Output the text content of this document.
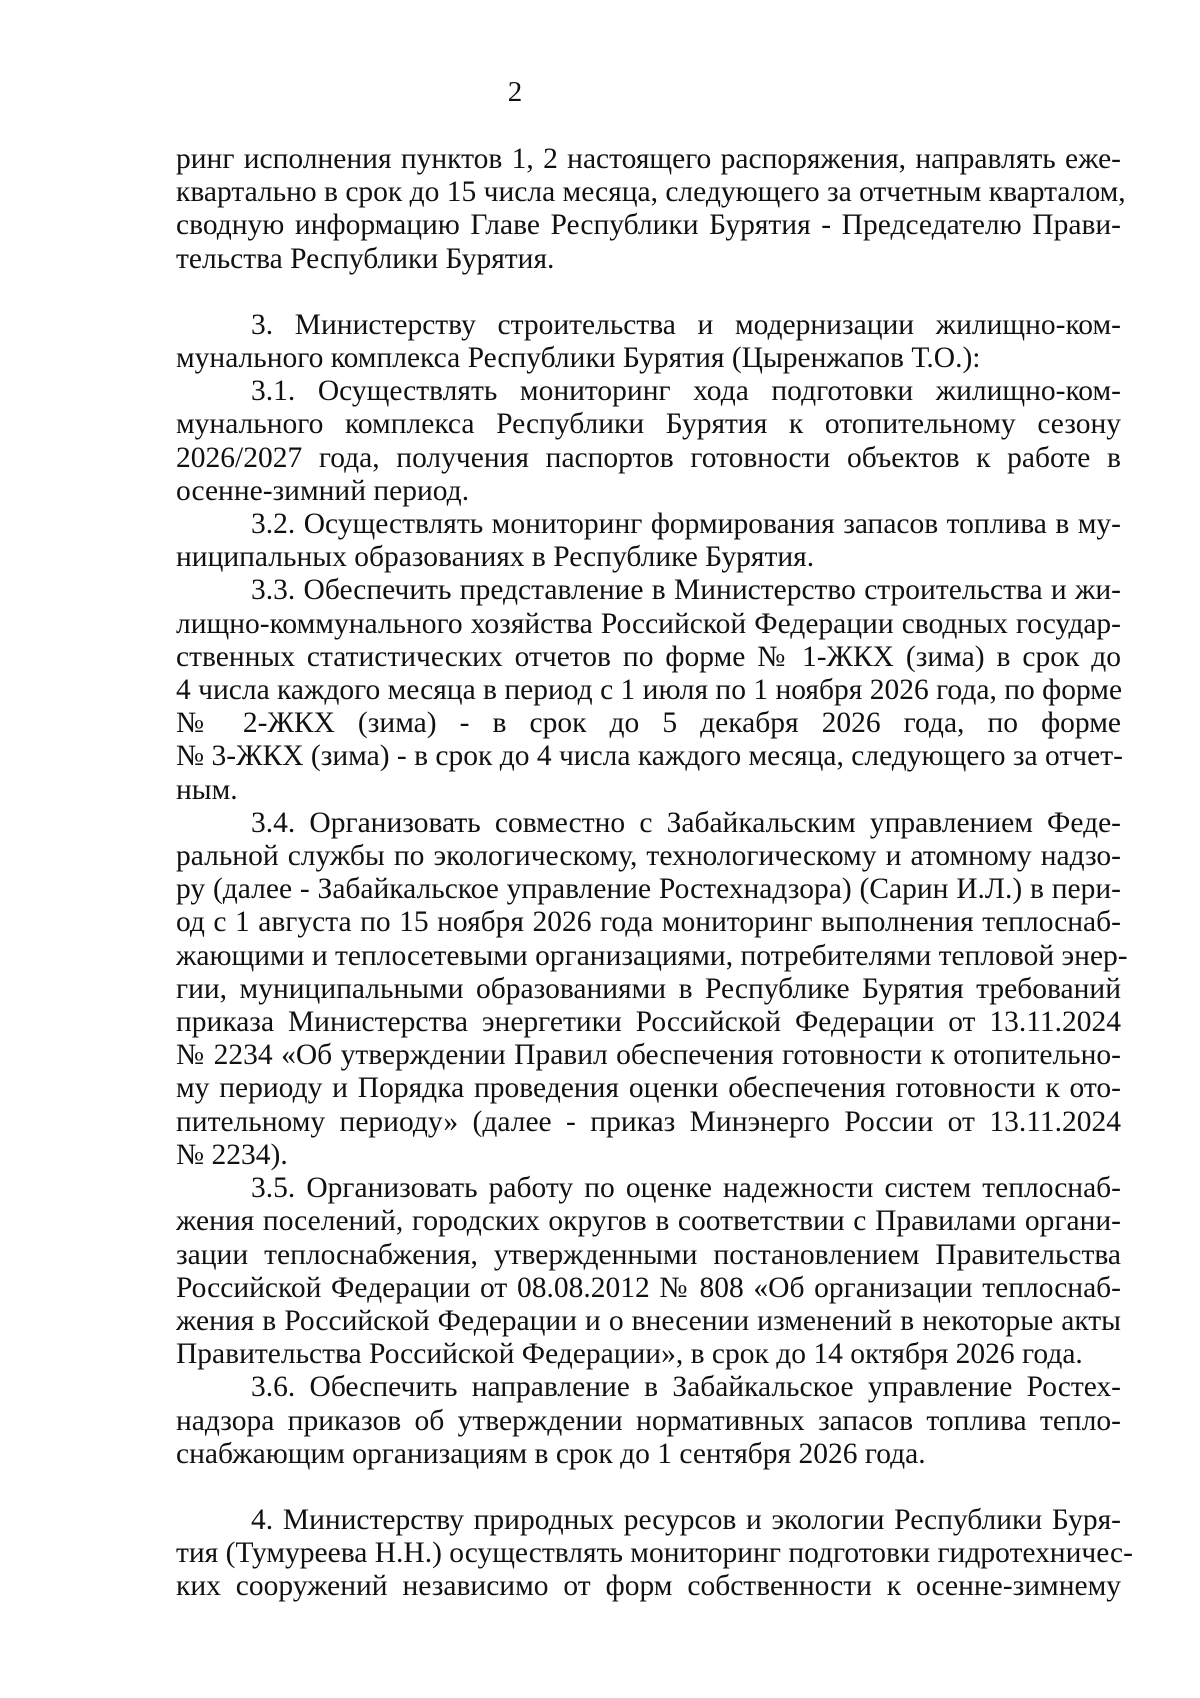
2
ринг исполнения пунктов 1, 2 настоящего распоряжения, направлять еже-
квартально в срок до 15 числа месяца, следующего за отчетным кварталом,
сводную информацию Главе Республики Бурятия - Председателю Прави-
тельства Республики Бурятия.
3. Министерству строительства и модернизации жилищно-ком-
мунального комплекса Республики Бурятия (Цыренжапов Т.О.):
3.1. Осуществлять мониторинг хода подготовки жилищно-ком-
мунального комплекса Республики Бурятия к отопительному сезону
2026/2027 года, получения паспортов готовности объектов к работе в
осенне-зимний период.
3.2. Осуществлять мониторинг формирования запасов топлива в му-
ниципальных образованиях в Республике Бурятия.
3.3. Обеспечить представление в Министерство строительства и жи-
лищно-коммунального хозяйства Российской Федерации сводных государ-
ственных статистических отчетов по форме № 1-ЖКХ (зима) в срок до
4 числа каждого месяца в период с 1 июля по 1 ноября 2026 года, по форме
№ 2-ЖКХ (зима) - в срок до 5 декабря 2026 года, по форме
№ 3-ЖКХ (зима) - в срок до 4 числа каждого месяца, следующего за отчет-
ным.
3.4. Организовать совместно с Забайкальским управлением Феде-
ральной службы по экологическому, технологическому и атомному надзо-
ру (далее - Забайкальское управление Ростехнадзора) (Сарин И.Л.) в пери-
од с 1 августа по 15 ноября 2026 года мониторинг выполнения теплоснаб-
жающими и теплосетевыми организациями, потребителями тепловой энер-
гии, муниципальными образованиями в Республике Бурятия требований
приказа Министерства энергетики Российской Федерации от 13.11.2024
№ 2234 «Об утверждении Правил обеспечения готовности к отопительно-
му периоду и Порядка проведения оценки обеспечения готовности к ото-
пительному периоду» (далее - приказ Минэнерго России от 13.11.2024
№ 2234).
3.5. Организовать работу по оценке надежности систем теплоснаб-
жения поселений, городских округов в соответствии с Правилами органи-
зации теплоснабжения, утвержденными постановлением Правительства
Российской Федерации от 08.08.2012 № 808 «Об организации теплоснаб-
жения в Российской Федерации и о внесении изменений в некоторые акты
Правительства Российской Федерации», в срок до 14 октября 2026 года.
3.6. Обеспечить направление в Забайкальское управление Ростех-
надзора приказов об утверждении нормативных запасов топлива тепло-
снабжающим организациям в срок до 1 сентября 2026 года.
4. Министерству природных ресурсов и экологии Республики Буря-
тия (Тумуреева Н.Н.) осуществлять мониторинг подготовки гидротехничес-
ких сооружений независимо от форм собственности к осенне-зимнему
